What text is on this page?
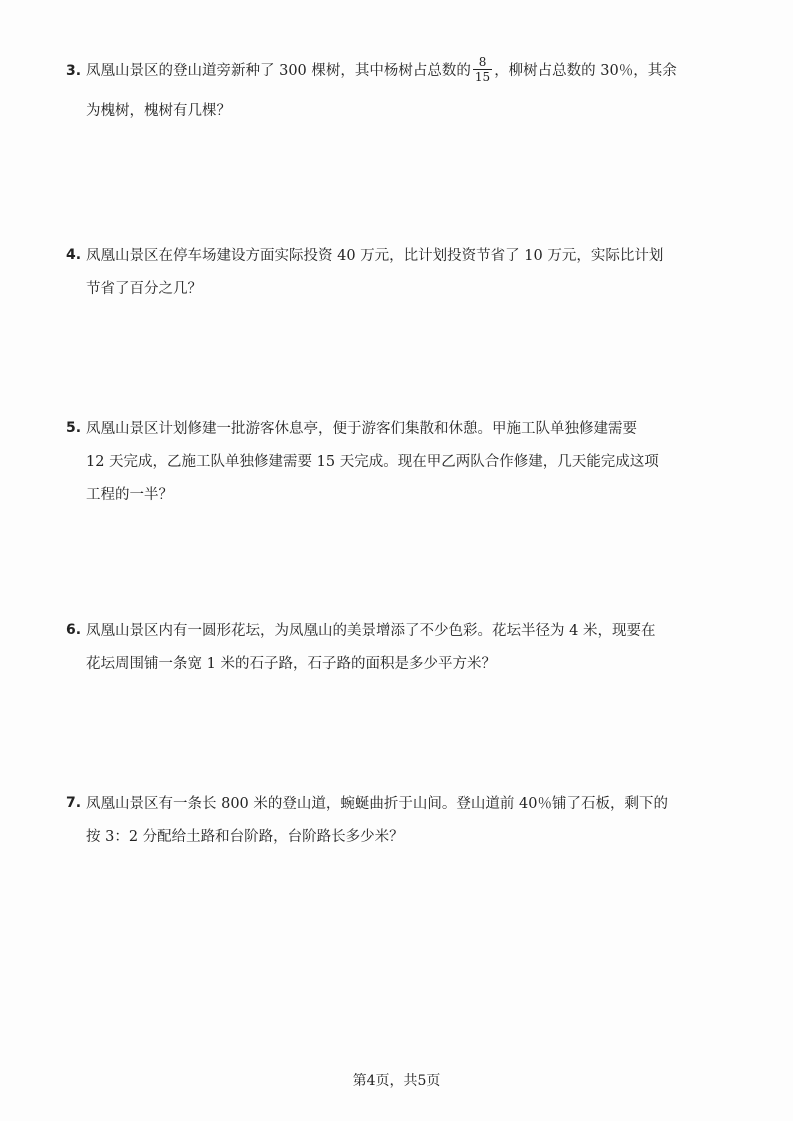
3. 凤凰山景区的登山道旁新种了 300 棵树，其中杨树占总数的 $\frac{8}{15}$ ，柳树占总数的 30％，其余
为槐树，槐树有几棵？
4. 凤凰山景区在停车场建设方面实际投资 40 万元，比计划投资节省了 10 万元，实际比计划
节省了百分之几？
5. 凤凰山景区计划修建一批游客休息亭，便于游客们集散和休憩。甲施工队单独修建需要
12 天完成，乙施工队单独修建需要 15 天完成。现在甲乙两队合作修建，几天能完成这项
工程的一半？
6. 凤凰山景区内有一圆形花坛，为凤凰山的美景增添了不少色彩。花坛半径为 4 米，现要在
花坛周围铺一条宽 1 米的石子路，石子路的面积是多少平方米？
7. 凤凰山景区有一条长 800 米的登山道，蜿蜒曲折于山间。登山道前 40％铺了石板，剩下的
按 3：2 分配给土路和台阶路，台阶路长多少米？
第4页，共5页
